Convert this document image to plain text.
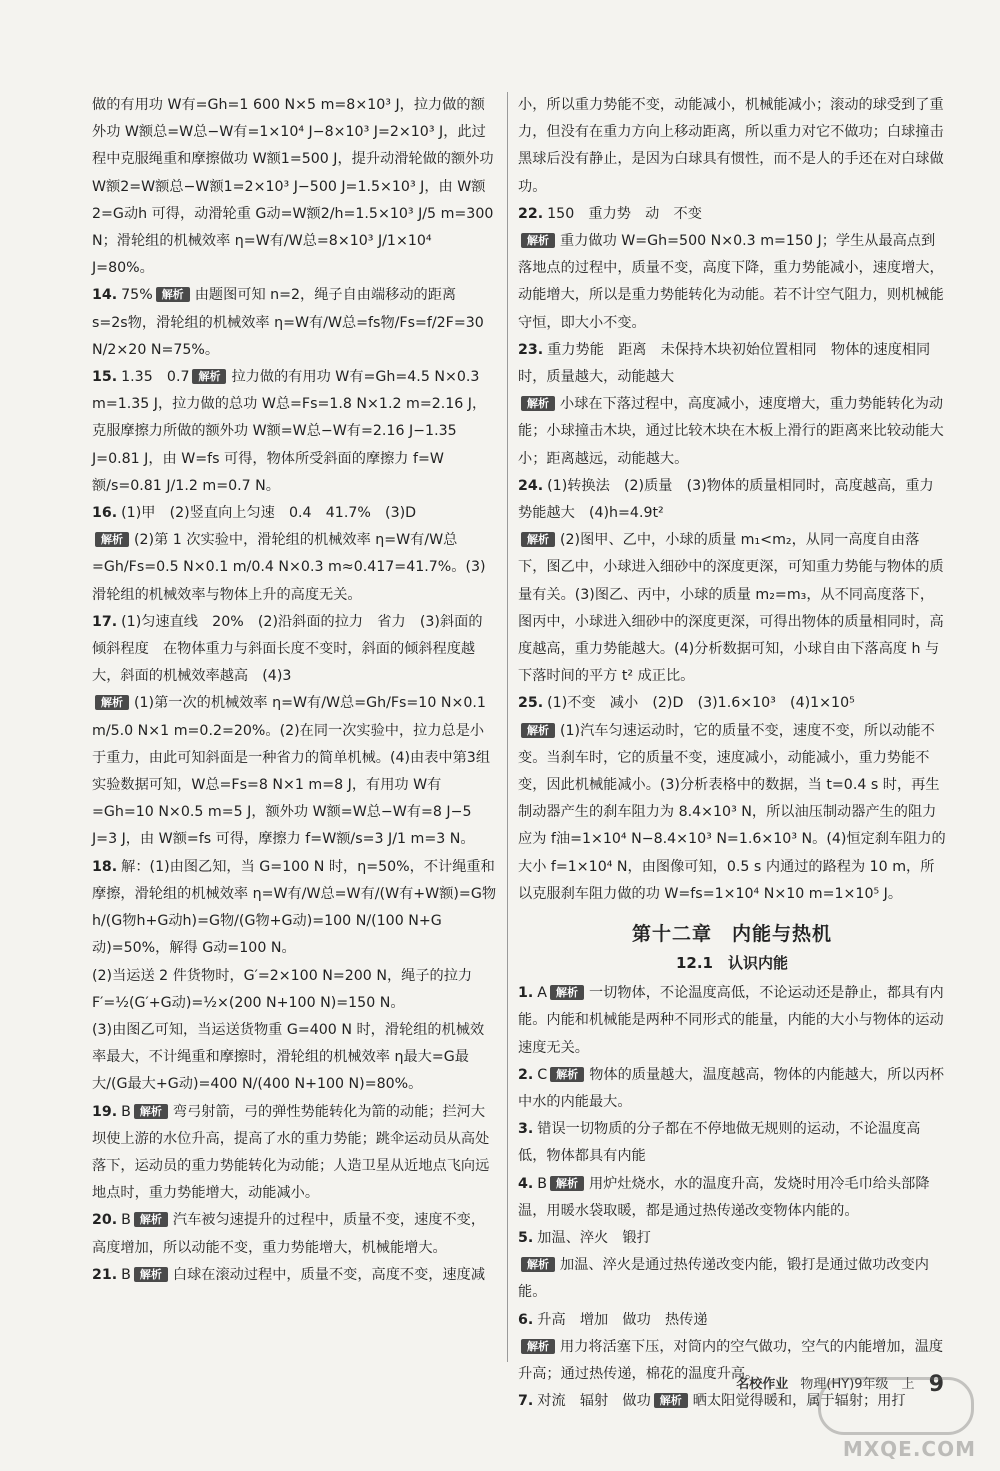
做的有用功 W有=Gh=1 600 N×5 m=8×10³ J，拉力做的额外功 W额总=W总−W有=1×10⁴ J−8×10³ J=2×10³ J，此过程中克服绳重和摩擦做功 W额1=500 J，提升动滑轮做的额外功 W额2=W额总−W额1=2×10³ J−500 J=1.5×10³ J，由 W额2=G动h 可得，动滑轮重 G动=W额2/h=1.5×10³ J/5 m=300 N；滑轮组的机械效率 η=W有/W总=8×10³ J/1×10⁴ J=80%。

14. 75% 解析 由题图可知 n=2，绳子自由端移动的距离 s=2s物，滑轮组的机械效率 η=W有/W总=fs物/Fs=f/2F=30 N/2×20 N=75%。

15. 1.35　0.7 解析 拉力做的有用功 W有=Gh=4.5 N×0.3 m=1.35 J，拉力做的总功 W总=Fs=1.8 N×1.2 m=2.16 J，克服摩擦力所做的额外功 W额=W总−W有=2.16 J−1.35 J=0.81 J，由 W=fs 可得，物体所受斜面的摩擦力 f=W额/s=0.81 J/1.2 m=0.7 N。

16. (1)甲　(2)竖直向上匀速　0.4　41.7%　(3)D

解析 (2)第 1 次实验中，滑轮组的机械效率 η=W有/W总=Gh/Fs=0.5 N×0.1 m/0.4 N×0.3 m≈0.417=41.7%。(3)滑轮组的机械效率与物体上升的高度无关。

17. (1)匀速直线　20%　(2)沿斜面的拉力　省力　(3)斜面的倾斜程度　在物体重力与斜面长度不变时，斜面的倾斜程度越大，斜面的机械效率越高　(4)3

解析 (1)第一次的机械效率 η=W有/W总=Gh/Fs=10 N×0.1 m/5.0 N×1 m=0.2=20%。(2)在同一次实验中，拉力总是小于重力，由此可知斜面是一种省力的简单机械。(4)由表中第3组实验数据可知，W总=Fs=8 N×1 m=8 J，有用功 W有=Gh=10 N×0.5 m=5 J，额外功 W额=W总−W有=8 J−5 J=3 J，由 W额=fs 可得，摩擦力 f=W额/s=3 J/1 m=3 N。

18. 解：(1)由图乙知，当 G=100 N 时，η=50%，不计绳重和摩擦，滑轮组的机械效率 η=W有/W总=W有/(W有+W额)=G物h/(G物h+G动h)=G物/(G物+G动)=100 N/(100 N+G动)=50%，解得 G动=100 N。

(2)当运送 2 件货物时，G′=2×100 N=200 N，绳子的拉力 F′=½(G′+G动)=½×(200 N+100 N)=150 N。

(3)由图乙可知，当运送货物重 G=400 N 时，滑轮组的机械效率最大，不计绳重和摩擦时，滑轮组的机械效率 η最大=G最大/(G最大+G动)=400 N/(400 N+100 N)=80%。

19. B 解析 弯弓射箭，弓的弹性势能转化为箭的动能；拦河大坝使上游的水位升高，提高了水的重力势能；跳伞运动员从高处落下，运动员的重力势能转化为动能；人造卫星从近地点飞向远地点时，重力势能增大，动能减小。

20. B 解析 汽车被匀速提升的过程中，质量不变，速度不变，高度增加，所以动能不变，重力势能增大，机械能增大。

21. B 解析 白球在滚动过程中，质量不变，高度不变，速度减

小，所以重力势能不变，动能减小，机械能减小；滚动的球受到了重力，但没有在重力方向上移动距离，所以重力对它不做功；白球撞击黑球后没有静止，是因为白球具有惯性，而不是人的手还在对白球做功。

22. 150　重力势　动　不变

解析 重力做功 W=Gh=500 N×0.3 m=150 J；学生从最高点到落地点的过程中，质量不变，高度下降，重力势能减小，速度增大，动能增大，所以是重力势能转化为动能。若不计空气阻力，则机械能守恒，即大小不变。

23. 重力势能　距离　未保持木块初始位置相同　物体的速度相同时，质量越大，动能越大

解析 小球在下落过程中，高度减小，速度增大，重力势能转化为动能；小球撞击木块，通过比较木块在木板上滑行的距离来比较动能大小；距离越远，动能越大。

24. (1)转换法　(2)质量　(3)物体的质量相同时，高度越高，重力势能越大　(4)h=4.9t²

解析 (2)图甲、乙中，小球的质量 m₁<m₂，从同一高度自由落下，图乙中，小球进入细砂中的深度更深，可知重力势能与物体的质量有关。(3)图乙、丙中，小球的质量 m₂=m₃，从不同高度落下，图丙中，小球进入细砂中的深度更深，可得出物体的质量相同时，高度越高，重力势能越大。(4)分析数据可知，小球自由下落高度 h 与下落时间的平方 t² 成正比。

25. (1)不变　减小　(2)D　(3)1.6×10³　(4)1×10⁵

解析 (1)汽车匀速运动时，它的质量不变，速度不变，所以动能不变。当刹车时，它的质量不变，速度减小，动能减小，重力势能不变，因此机械能减小。(3)分析表格中的数据，当 t=0.4 s 时，再生制动器产生的刹车阻力为 8.4×10³ N，所以油压制动器产生的阻力应为 f油=1×10⁴ N−8.4×10³ N=1.6×10³ N。(4)恒定刹车阻力的大小 f=1×10⁴ N，由图像可知，0.5 s 内通过的路程为 10 m，所以克服刹车阻力做的功 W=fs=1×10⁴ N×10 m=1×10⁵ J。

第十二章　内能与热机
12.1　认识内能

1. A 解析 一切物体，不论温度高低，不论运动还是静止，都具有内能。内能和机械能是两种不同形式的能量，内能的大小与物体的运动速度无关。

2. C 解析 物体的质量越大，温度越高，物体的内能越大，所以丙杯中水的内能最大。

3. 错误一切物质的分子都在不停地做无规则的运动，不论温度高低，物体都具有内能

4. B 解析 用炉灶烧水，水的温度升高，发烧时用冷毛巾给头部降温，用暖水袋取暖，都是通过热传递改变物体内能的。

5. 加温、淬火　锻打

解析 加温、淬火是通过热传递改变内能，锻打是通过做功改变内能。

6. 升高　增加　做功　热传递

解析 用力将活塞下压，对筒内的空气做功，空气的内能增加，温度升高；通过热传递，棉花的温度升高。

7. 对流　辐射　做功 解析 晒太阳觉得暖和，属于辐射；用打

名校作业 物理(HY)9年级　上 9
MXQE.COM
